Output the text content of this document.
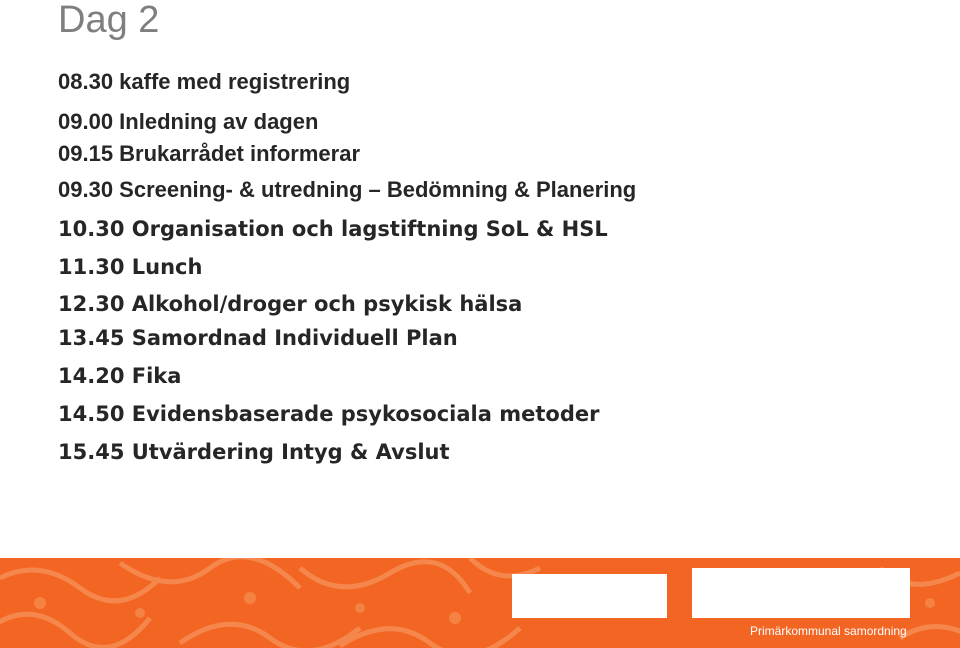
Dag 2
08.30 kaffe med registrering
09.00 Inledning av dagen
09.15 Brukarrådet informerar
09.30 Screening- & utredning – Bedömning & Planering
10.30 Organisation och lagstiftning SoL & HSL
11.30 Lunch
12.30 Alkohol/droger och psykisk hälsa
13.45 Samordnad Individuell Plan
14.20 Fika
14.50 Evidensbaserade psykosociala metoder
15.45 Utvärdering Intyg & Avslut
Primärkommunal samordning
